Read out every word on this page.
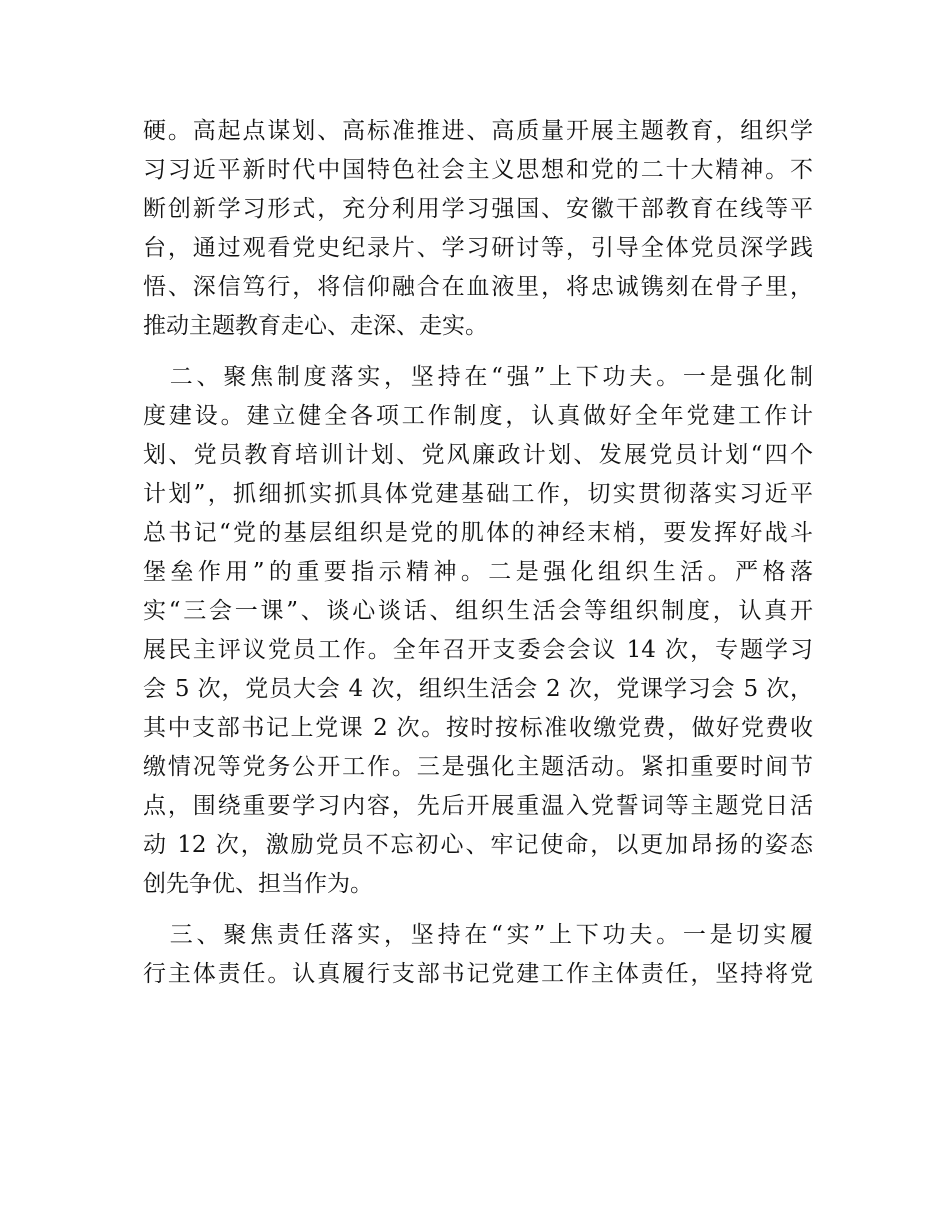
硬。高起点谋划、高标准推进、高质量开展主题教育，组织学
习习近平新时代中国特色社会主义思想和党的二十大精神。不
断创新学习形式，充分利用学习强国、安徽干部教育在线等平
台，通过观看党史纪录片、学习研讨等，引导全体党员深学践
悟、深信笃行，将信仰融合在血液里，将忠诚镌刻在骨子里，
推动主题教育走心、走深、走实。
　二、聚焦制度落实，坚持在“强”上下功夫。一是强化制
度建设。建立健全各项工作制度，认真做好全年党建工作计
划、党员教育培训计划、党风廉政计划、发展党员计划“四个
计划”，抓细抓实抓具体党建基础工作，切实贯彻落实习近平
总书记“党的基层组织是党的肌体的神经末梢，要发挥好战斗
堡垒作用”的重要指示精神。二是强化组织生活。严格落
实“三会一课”、谈心谈话、组织生活会等组织制度，认真开
展民主评议党员工作。全年召开支委会会议 14 次，专题学习
会 5 次，党员大会 4 次，组织生活会 2 次，党课学习会 5 次，
其中支部书记上党课 2 次。按时按标准收缴党费，做好党费收
缴情况等党务公开工作。三是强化主题活动。紧扣重要时间节
点，围绕重要学习内容，先后开展重温入党誓词等主题党日活
动 12 次，激励党员不忘初心、牢记使命，以更加昂扬的姿态
创先争优、担当作为。
　三、聚焦责任落实，坚持在“实”上下功夫。一是切实履
行主体责任。认真履行支部书记党建工作主体责任，坚持将党
